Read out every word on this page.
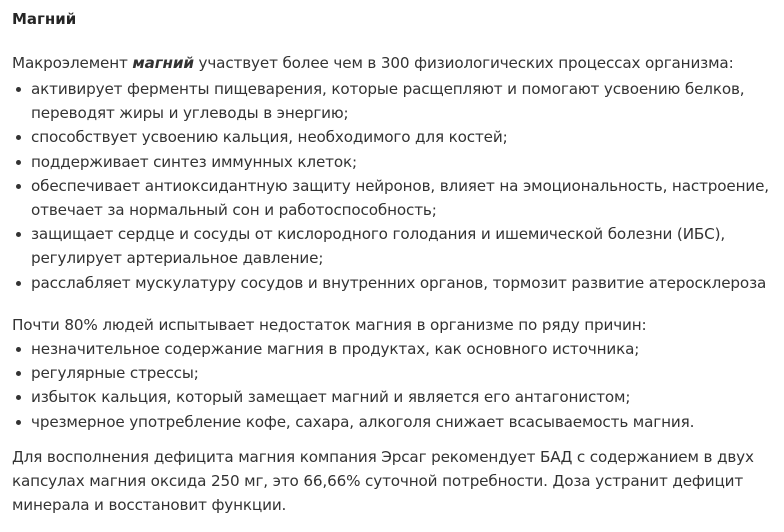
Магний
Макроэлемент магний участвует более чем в 300 физиологических процессах организма:
активирует ферменты пищеварения, которые расщепляют и помогают усвоению белков,
переводят жиры и углеводы в энергию;
способствует усвоению кальция, необходимого для костей;
поддерживает синтез иммунных клеток;
обеспечивает антиоксидантную защиту нейронов, влияет на эмоциональность, настроение,
отвечает за нормальный сон и работоспособность;
защищает сердце и сосуды от кислородного голодания и ишемической болезни (ИБС),
регулирует артериальное давление;
расслабляет мускулатуру сосудов и внутренних органов, тормозит развитие атеросклероза
Почти 80% людей испытывает недостаток магния в организме по ряду причин:
незначительное содержание магния в продуктах, как основного источника;
регулярные стрессы;
избыток кальция, который замещает магний и является его антагонистом;
чрезмерное употребление кофе, сахара, алкоголя снижает всасываемость магния.
Для восполнения дефицита магния компания Эрсаг рекомендует БАД с содержанием в двух
капсулах магния оксида 250 мг, это 66,66% суточной потребности. Доза устранит дефицит
минерала и восстановит функции.
